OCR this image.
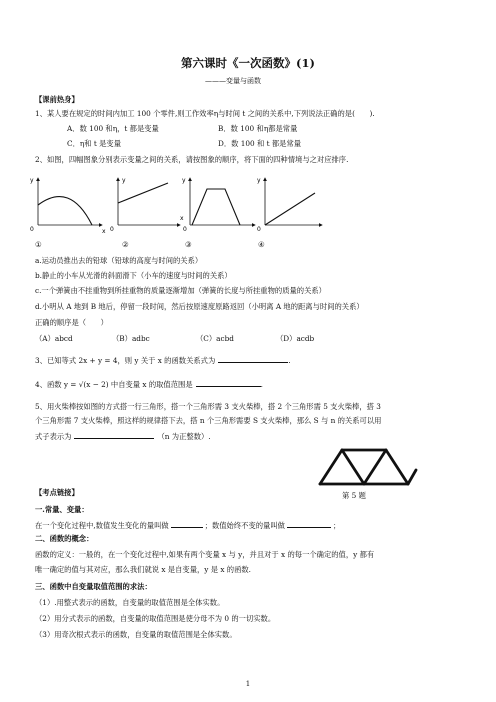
第六课时《一次函数》(1)
———变量与函数
【课前热身】
1、某人要在规定的时间内加工 100 个零件,则工作效率η与时间 t 之间的关系中,下列说法正确的是(　　).
A．数 100 和η，t 都是变量	B．数 100 和η都是常量
C．η和 t 是变量	D．数 100 和 t 都是常量
2、如图，四幅图象分别表示变量之间的关系，请按图象的顺序，将下面的四种情境与之对应排序.
y
0	x
y
0
y
0
x
y
0
①	②	③	④
a.运动员推出去的铅球（铅球的高度与时间的关系）
b.静止的小车从光滑的斜面滑下（小车的速度与时间的关系）
c.一个弹簧由不挂重物到所挂重物的质量逐渐增加（弹簧的长度与所挂重物的质量的关系）
d.小明从 A 地到 B 地后，停留一段时间，然后按原速度原路返回（小明离 A 地的距离与时间的关系）
正确的顺序是（　　）
（A）abcd	（B）adbc	（C）acbd	（D）acdb
3、已知等式 2x + y = 4，则 y 关于 x 的函数关系式为	.
4、函数 y = √(x − 2) 中自变量 x 的取值范围是	.
5、用火柴棒按如图的方式搭一行三角形，搭一个三角形需 3 支火柴棒，搭 2 个三角形需 5 支火柴棒，搭 3
个三角形需 7 支火柴棒，照这样的规律搭下去，搭 n 个三角形需要 S 支火柴棒，那么 S 与 n 的关系可以用
式子表示为	（n 为正整数）.
第 5 题
【考点链接】
一.常量、变量：
在一个变化过程中,数值发生变化的量叫做	；数值始终不变的量叫做	；
二、函数的概念：
函数的定义：一般的，在一个变化过程中,如果有两个变量 x 与 y，并且对于 x 的每一个确定的值，y 都有
唯一确定的值与其对应，那么我们就说 x 是自变量，y 是 x 的函数.
三、函数中自变量取值范围的求法：
（1）.用整式表示的函数，自变量的取值范围是全体实数。
（2）用分式表示的函数，自变量的取值范围是使分母不为 0 的一切实数。
（3）用奇次根式表示的函数，自变量的取值范围是全体实数。
1
